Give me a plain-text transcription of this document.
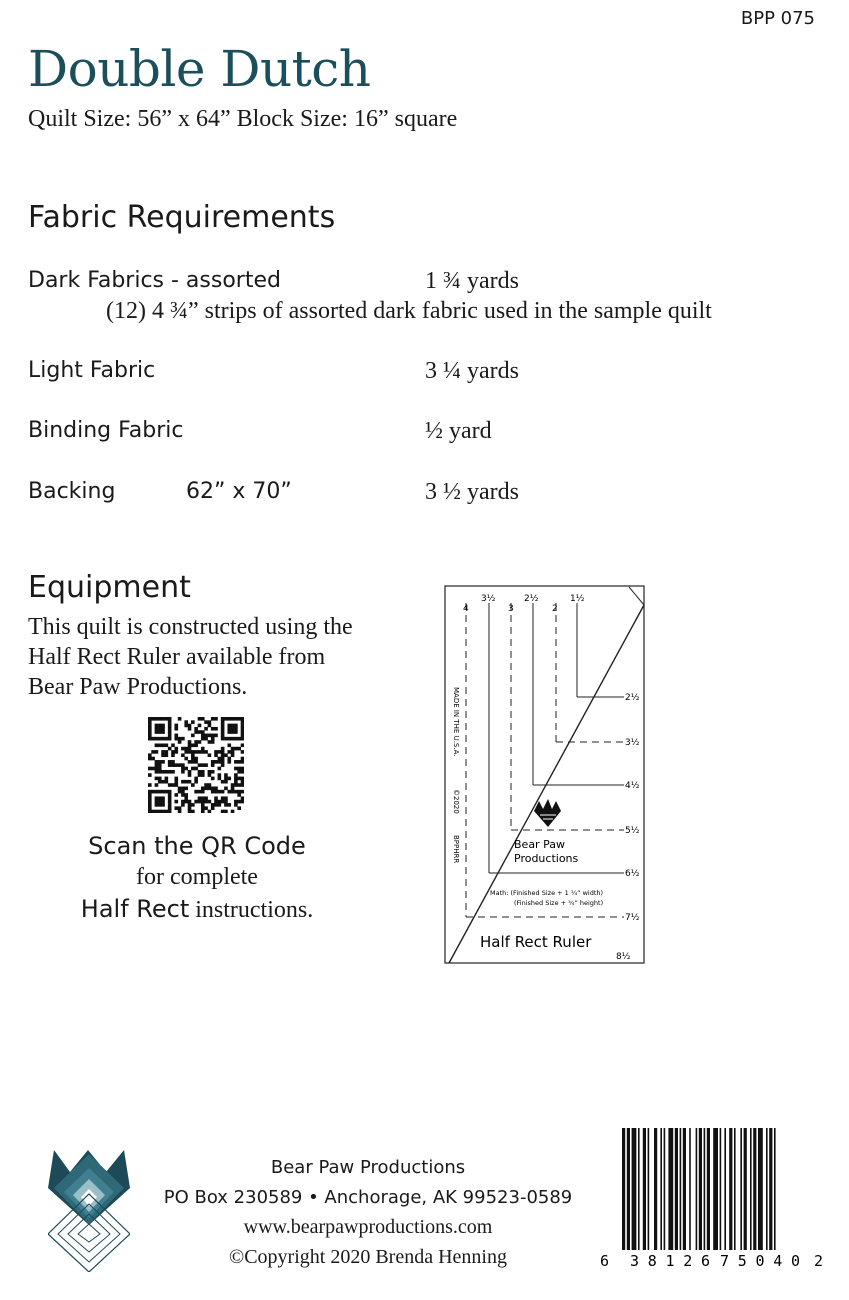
BPP 075
Double Dutch
Quilt Size: 56” x 64” Block Size: 16” square
Fabric Requirements
Dark Fabrics - assorted	1 ¾ yards
(12) 4 ¾” strips of assorted dark fabric used in the sample quilt
Light Fabric	3 ¼ yards
Binding Fabric	½ yard
Backing	62” x 70”	3 ½ yards
Equipment
This quilt is constructed using the
Half Rect Ruler available from
Bear Paw Productions.
Scan the QR Code
for complete
Half Rect instructions.
3½	2½	1½
4	3	2
2½
3½
4½
5½
6½
7½
8½
MADE IN THE U.S.A.
©2020
BPPHRR	Bear Paw
Productions
Math: (Finished Size + 1 ¼” width)
(Finished Size + ¾” height)
Half Rect Ruler
Bear Paw Productions
PO Box 230589 • Anchorage, AK 99523-0589
www.bearpawproductions.com
©Copyright 2020 Brenda Henning	6 38126 75040 2
